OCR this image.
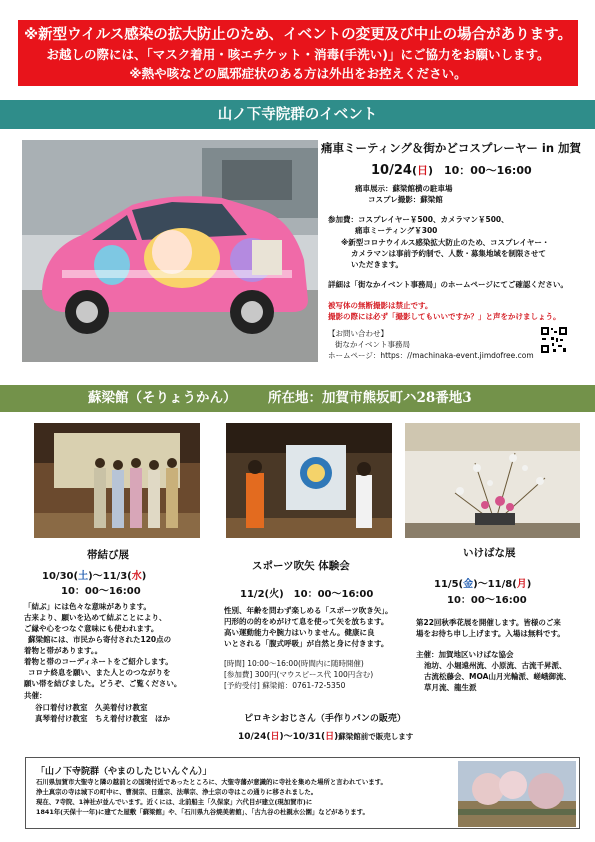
※新型ウイルス感染の拡大防止のため、イベントの変更及び中止の場合があります。
お越しの際には、「マスク着用・咳エチケット・消毒(手洗い)」にご協力をお願いします。
※熱や咳などの風邪症状のある方は外出をお控えください。
山ノ下寺院群のイベント
痛車ミーティング＆街かどコスプレーヤー in 加賀
10/24(日)　10：00〜16:00
痛車展示：蘇梁館横の駐車場
コスプレ撮影：蘇梁館
参加費：コスプレイヤー￥500、カメラマン￥500、
痛車ミーティング￥300
※新型コロナウイルス感染拡大防止のため、コスプレイヤー・
カメラマンは事前予約制で、人数・募集地域を制限させて
いただきます。
詳細は「街なかイベント事務局」のホームページにてご確認ください。
被写体の無断撮影は禁止です。
撮影の際には必ず「撮影してもいいですか？」と声をかけましょう。
【お問い合わせ】
街なかイベント事務局
ホームページ：https：//machinaka-event.jimdofree.com
蘇梁館（そりょうかん） 所在地：加賀市熊坂町ハ28番地3
帯結び展
10/30(土)〜11/3(水)
10：00〜16:00
「結ぶ」には色々な意味があります。
古来より、願いを込めて結ぶことにより、
ご縁や心をつなぐ意味にも使われます。
蘇梁館には、市民から寄付された120点の
着物と帯があります。。
着物と帯のコーディネートをご紹介します。
コロナ終息を願い、また人とのつながりを
願い帯を結びました。どうぞ、ご覧ください。
共催：
谷口着付け教室　久美着付け教室
真琴着付け教室　ちえ着付け教室　ほか
スポーツ吹矢 体験会
11/2(火)　 10：00〜16:00
性別、年齢を問わず楽しめる「スポーツ吹き矢」。
円形的の的をめがけて息を使って矢を放ちます。
高い運動能力や腕力はいりません。健康に良
いとされる「腹式呼吸」が自然と身に付きます。
[時間] 10:00〜16:00(時間内に随時開催)
[参加費] 300円(マウスピース代 100円含む)
[予約受付] 蘇梁館：0761-72-5350
ピロキシおじさん（手作りパンの販売）
10/24(日)〜10/31(日)蘇梁館前で販売します
いけばな展
11/5(金)〜11/8(月)
10：00〜16:00
第22回秋季花展を開催します。皆様のご来
場をお待ち申し上げます。入場は無料です。
主催：加賀地区いけばな協会
池坊、小堀遠州流、小原流、古流千昇派、
古流松藤会、MOA山月光輪派、嵯峨御流、
草月流、龍生派
「山ノ下寺院群（やまのしたじいんぐん）」
石川県加賀市大聖寺と隣の越前との国境付近であったところに、大聖寺藩が意識的に寺社を集めた場所と言われています。
浄土真宗の寺は城下の町中に、曹洞宗、日蓮宗、法華宗、浄土宗の寺はこの通りに移されました。
現在、7寺院、1神社が並んでいます。近くには、北前船主「久保家」六代目が建立(現加賀市)に
1841年(天保十一年)に建てた屋敷「蘇梁館」や、「石川県九谷焼美術館」、「古九谷の杜親水公園」などがあります。
